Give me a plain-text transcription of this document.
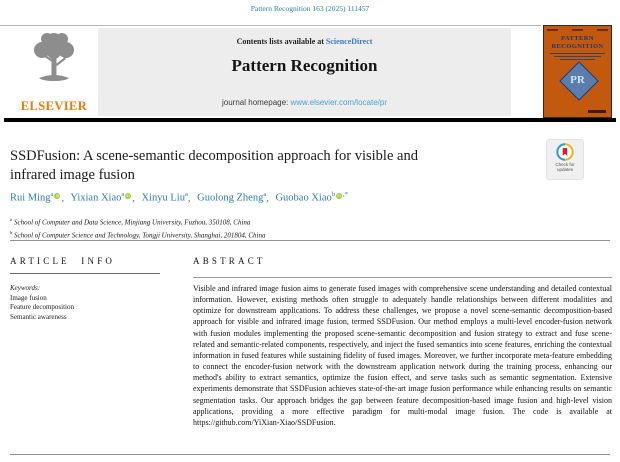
Pattern Recognition 163 (2025) 111457
ELSEVIER
Contents lists available at ScienceDirect
Pattern Recognition
journal homepage: www.elsevier.com/locate/pr
PATTERN RECOGNITION
PR
SSDFusion: A scene-semantic decomposition approach for visible and
infrared image fusion
Check for
updates
Rui Ming$^a$ iD , Yixian Xiao$^a$ iD , Xinyu Liu$^a$, Guolong Zheng$^a$, Guobao Xiao$^b$ iD ,*
$^a$ School of Computer and Data Science, Minjiang University, Fuzhou, 350108, China
$^b$ School of Computer Science and Technology, Tongji University, Shanghai, 201804, China
ARTICLE INFO
Keywords:
Image fusion
Feature decomposition
Semantic awareness
ABSTRACT
Visible and infrared image fusion aims to generate fused images with comprehensive scene understanding and detailed contextual information. However, existing methods often struggle to adequately handle relationships between different modalities and optimize for downstream applications. To address these challenges, we propose a novel scene-semantic decomposition-based approach for visible and infrared image fusion, termed SSDFusion. Our method employs a multi-level encoder-fusion network with fusion modules implementing the proposed scene-semantic decomposition and fusion strategy to extract and fuse scene-related and semantic-related components, respectively, and inject the fused semantics into scene features, enriching the contextual information in fused features while sustaining fidelity of fused images. Moreover, we further incorporate meta-feature embedding to connect the encoder-fusion network with the downstream application network during the training process, enhancing our method's ability to extract semantics, optimize the fusion effect, and serve tasks such as semantic segmentation. Extensive experiments demonstrate that SSDFusion achieves state-of-the-art image fusion performance while enhancing results on semantic segmentation tasks. Our approach bridges the gap between feature decomposition-based image fusion and high-level vision applications, providing a more effective paradigm for multi-modal image fusion. The code is available at https://github.com/YiXian-Xiao/SSDFusion.
